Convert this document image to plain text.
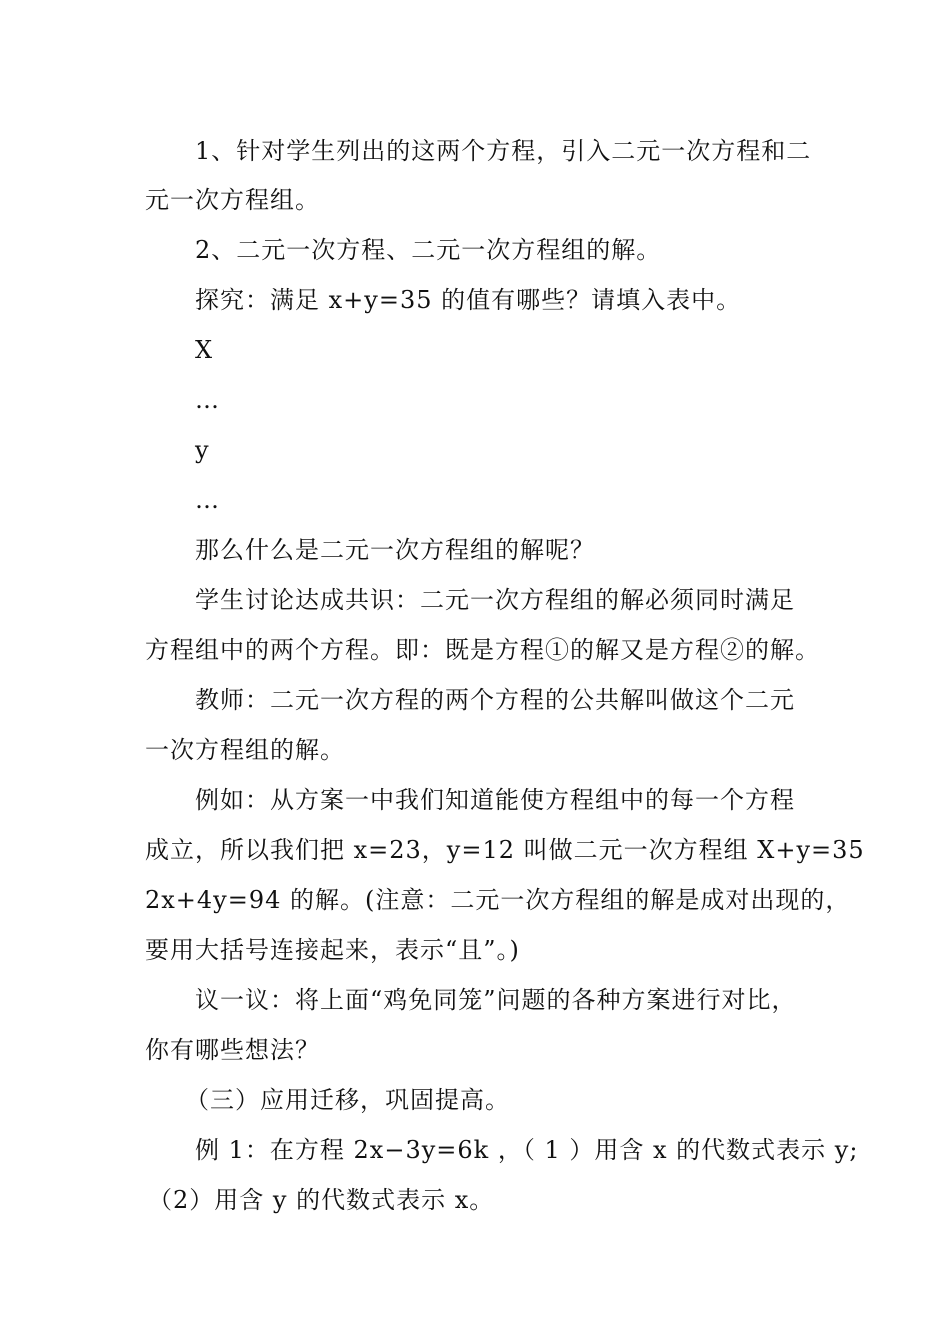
1、针对学生列出的这两个方程，引入二元一次方程和二
元一次方程组。
2、二元一次方程、二元一次方程组的解。
探究：满足 x+y=35 的值有哪些？请填入表中。
X
…
y
…
那么什么是二元一次方程组的解呢？
学生讨论达成共识：二元一次方程组的解必须同时满足
方程组中的两个方程。即：既是方程①的解又是方程②的解。
教师：二元一次方程的两个方程的公共解叫做这个二元
一次方程组的解。
例如：从方案一中我们知道能使方程组中的每一个方程
成立，所以我们把 x=23，y=12 叫做二元一次方程组 X+y=35
2x+4y=94 的解。(注意：二元一次方程组的解是成对出现的，
要用大括号连接起来，表示“且”。)
议一议：将上面“鸡免同笼”问题的各种方案进行对比，
你有哪些想法？
（三）应用迁移，巩固提高。
例 1：在方程 2x−3y=6k ，（ 1 ）用含 x 的代数式表示 y;
（2）用含 y 的代数式表示 x。
